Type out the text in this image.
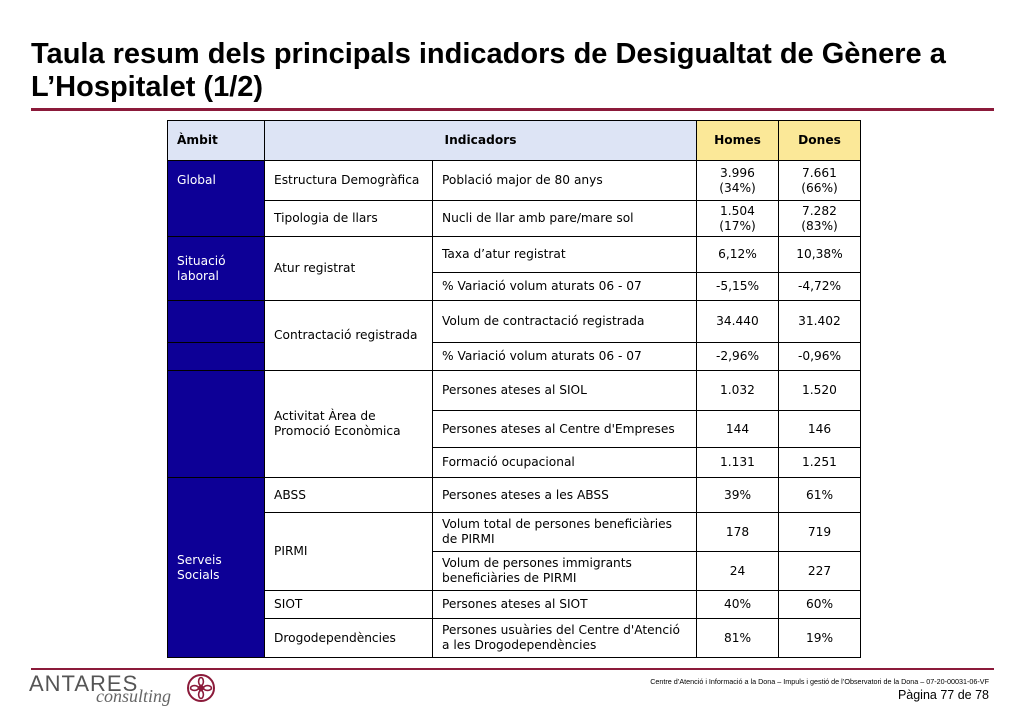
Taula resum dels principals indicadors de Desigualtat de Gènere a L’Hospitalet (1/2)
Àmbit	Indicadors		Homes	Dones
Global	Estructura Demogràfica	Població major de 80 anys	3.996 (34%)	7.661 (66%)
	Tipologia de llars	Nucli de llar amb pare/mare sol	1.504 (17%)	7.282 (83%)
Situació laboral	Atur registrat	Taxa d’atur registrat	6,12%	10,38%
		% Variació volum aturats 06 - 07	-5,15%	-4,72%
	Contractació registrada	Volum de contractació registrada	34.440	31.402
		% Variació volum aturats 06 - 07	-2,96%	-0,96%
	Activitat Àrea de Promoció Econòmica	Persones ateses al SIOL	1.032	1.520
		Persones ateses al Centre d'Empreses	144	146
		Formació ocupacional	1.131	1.251
Serveis Socials	ABSS	Persones ateses a les ABSS	39%	61%
	PIRMI	Volum total de persones beneficiàries de PIRMI	178	719
		Volum de persones immigrants beneficiàries de PIRMI	24	227
	SIOT	Persones ateses al SIOT	40%	60%
	Drogodependències	Persones usuàries del Centre d'Atenció a les Drogodependències	81%	19%
ANTARES
consulting
Centre d’Atenció i Informació a la Dona – Impuls i gestió de l’Observatori de la Dona – 07-20-00031-06-VF
Pàgina 77 de 78
